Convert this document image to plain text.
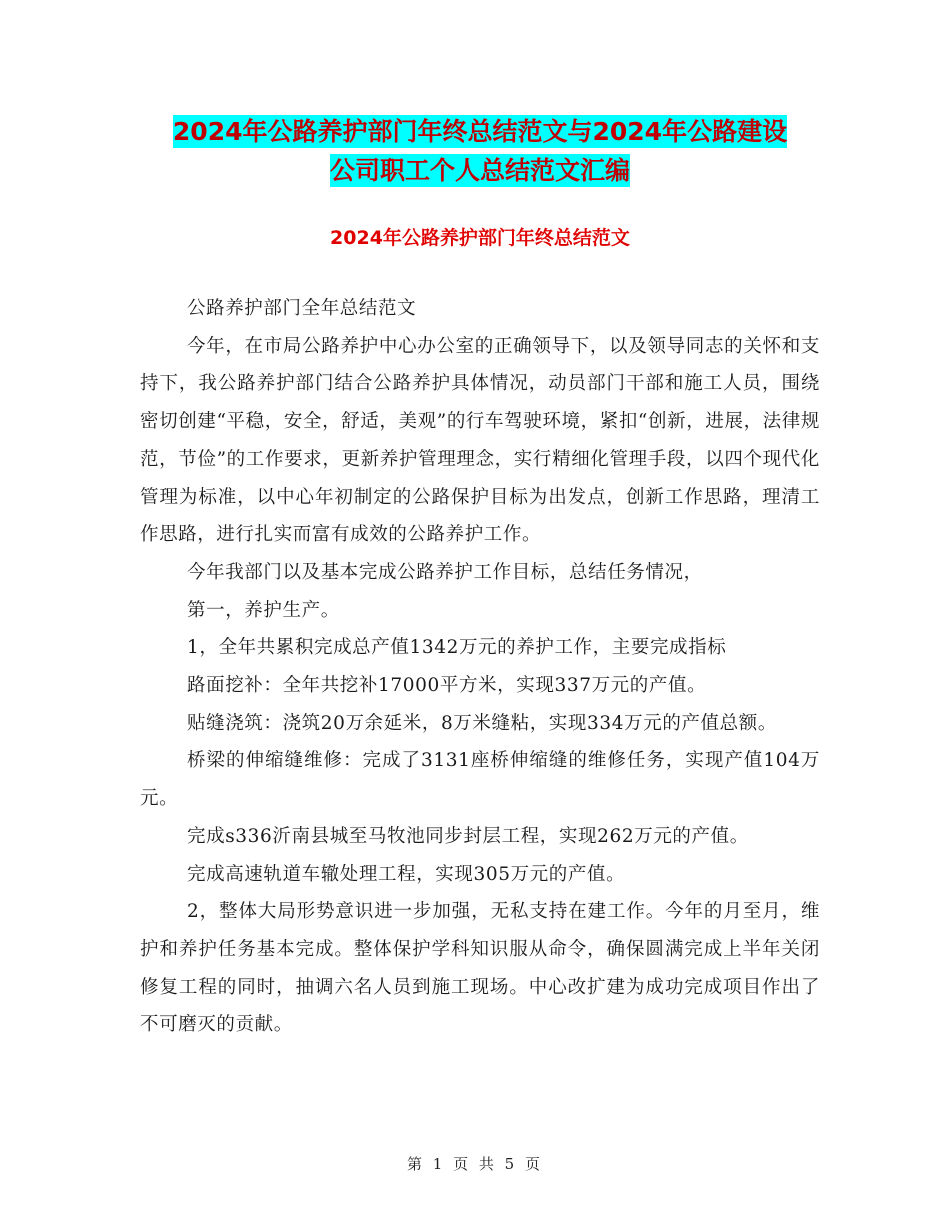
2024年公路养护部门年终总结范文与2024年公路建设
公司职工个人总结范文汇编
2024年公路养护部门年终总结范文

公路养护部门全年总结范文

今年，在市局公路养护中心办公室的正确领导下，以及领导同志的关怀和支持下，我公路养护部门结合公路养护具体情况，动员部门干部和施工人员，围绕密切创建“平稳，安全，舒适，美观”的行车驾驶环境，紧扣“创新，进展，法律规范，节俭”的工作要求，更新养护管理理念，实行精细化管理手段，以四个现代化管理为标准，以中心年初制定的公路保护目标为出发点，创新工作思路，理清工作思路，进行扎实而富有成效的公路养护工作。

今年我部门以及基本完成公路养护工作目标，总结任务情况，

第一，养护生产。

1，全年共累积完成总产值1342万元的养护工作，主要完成指标

路面挖补：全年共挖补17000平方米，实现337万元的产值。

贴缝浇筑：浇筑20万余延米，8万米缝粘，实现334万元的产值总额。

桥梁的伸缩缝维修：完成了3131座桥伸缩缝的维修任务，实现产值104万元。

完成s336沂南县城至马牧池同步封层工程，实现262万元的产值。

完成高速轨道车辙处理工程，实现305万元的产值。

2，整体大局形势意识进一步加强，无私支持在建工作。今年的月至月，维护和养护任务基本完成。整体保护学科知识服从命令，确保圆满完成上半年关闭修复工程的同时，抽调六名人员到施工现场。中心改扩建为成功完成项目作出了不可磨灭的贡献。

第 1 页 共 5 页
